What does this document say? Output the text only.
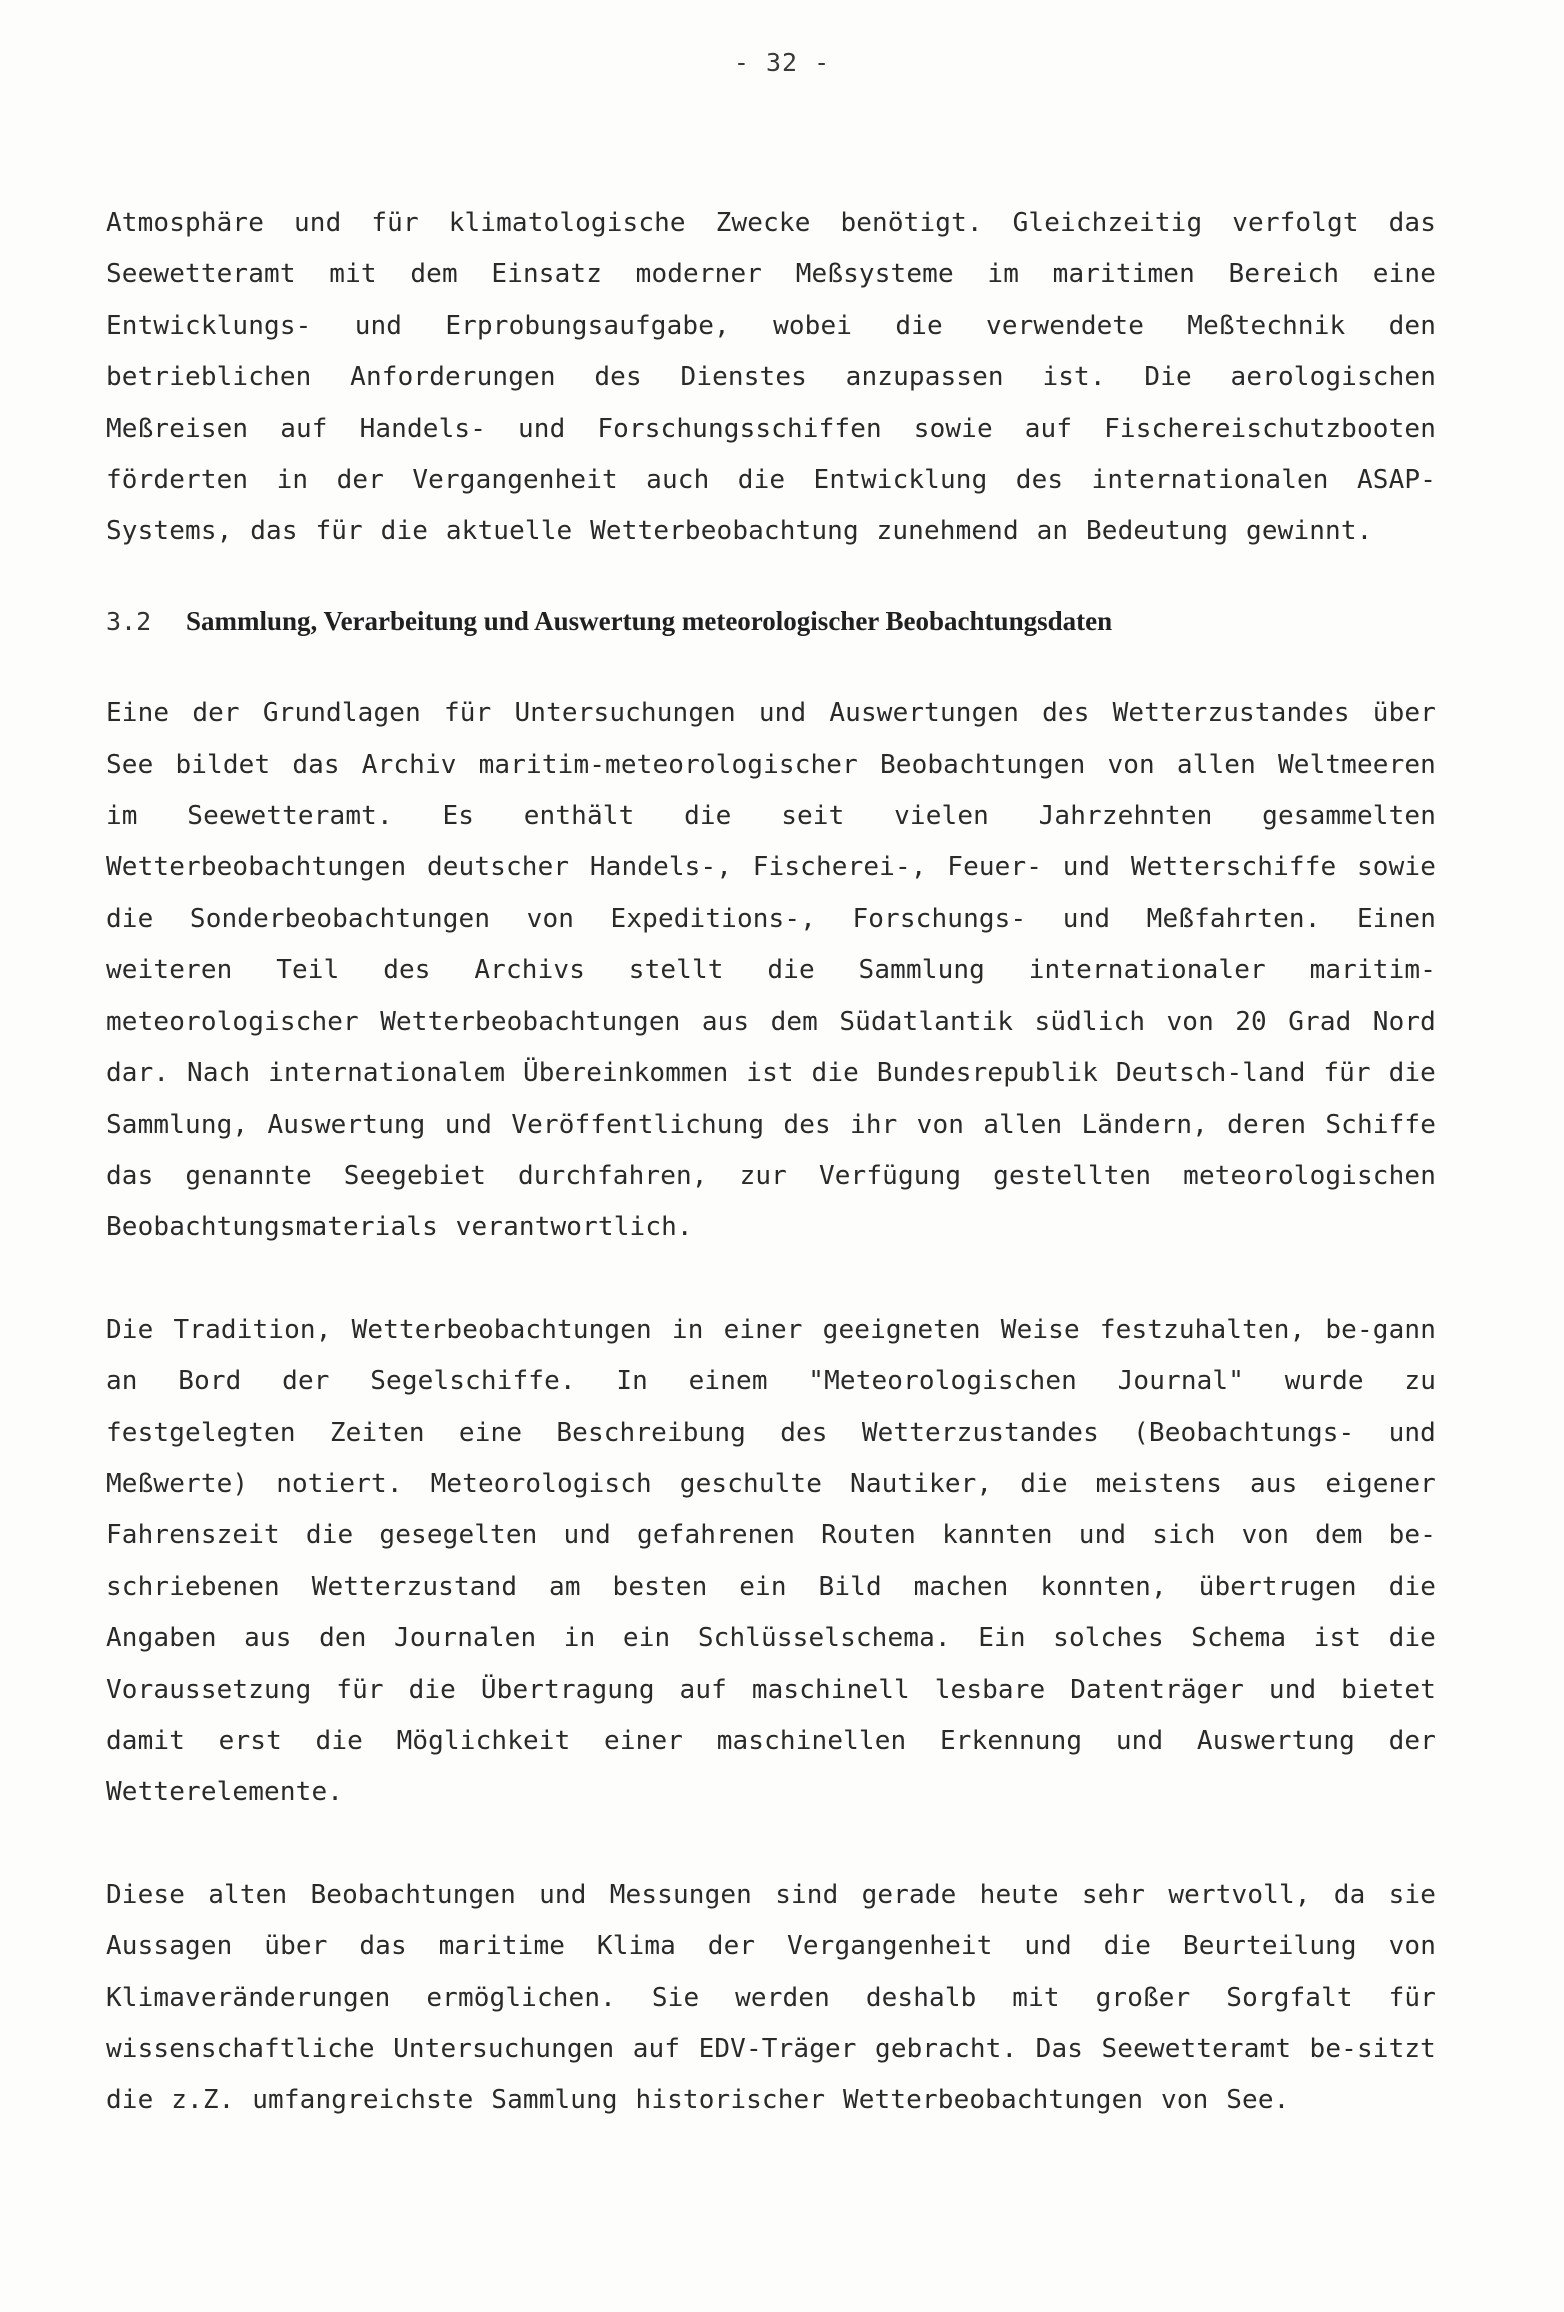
- 32 -

Atmosphäre und für klimatologische Zwecke benötigt. Gleichzeitig verfolgt das Seewetteramt mit dem Einsatz moderner Meßsysteme im maritimen Bereich eine Entwicklungs- und Erprobungsaufgabe, wobei die verwendete Meßtechnik den betrieblichen Anforderungen des Dienstes anzupassen ist. Die aerologischen Meßreisen auf Handels- und Forschungsschiffen sowie auf Fischereischutzbooten förderten in der Vergangenheit auch die Entwicklung des internationalen ASAP-Systems, das für die aktuelle Wetterbeobachtung zunehmend an Bedeutung gewinnt.

3.2 Sammlung, Verarbeitung und Auswertung meteorologischer Beobachtungsdaten

Eine der Grundlagen für Untersuchungen und Auswertungen des Wetterzustandes über See bildet das Archiv maritim-meteorologischer Beobachtungen von allen Weltmeeren im Seewetteramt. Es enthält die seit vielen Jahrzehnten gesammelten Wetterbeobachtungen deutscher Handels-, Fischerei-, Feuer- und Wetterschiffe sowie die Sonderbeobachtungen von Expeditions-, Forschungs- und Meßfahrten. Einen weiteren Teil des Archivs stellt die Sammlung internationaler maritim-meteorologischer Wetterbeobachtungen aus dem Südatlantik südlich von 20 Grad Nord dar. Nach internationalem Übereinkommen ist die Bundesrepublik Deutsch-land für die Sammlung, Auswertung und Veröffentlichung des ihr von allen Ländern, deren Schiffe das genannte Seegebiet durchfahren, zur Verfügung gestellten meteorologischen Beobachtungsmaterials verantwortlich.

Die Tradition, Wetterbeobachtungen in einer geeigneten Weise festzuhalten, be-gann an Bord der Segelschiffe. In einem "Meteorologischen Journal" wurde zu festgelegten Zeiten eine Beschreibung des Wetterzustandes (Beobachtungs- und Meßwerte) notiert. Meteorologisch geschulte Nautiker, die meistens aus eigener Fahrenszeit die gesegelten und gefahrenen Routen kannten und sich von dem be-schriebenen Wetterzustand am besten ein Bild machen konnten, übertrugen die Angaben aus den Journalen in ein Schlüsselschema. Ein solches Schema ist die Voraussetzung für die Übertragung auf maschinell lesbare Datenträger und bietet damit erst die Möglichkeit einer maschinellen Erkennung und Auswertung der Wetterelemente.

Diese alten Beobachtungen und Messungen sind gerade heute sehr wertvoll, da sie Aussagen über das maritime Klima der Vergangenheit und die Beurteilung von Klimaveränderungen ermöglichen. Sie werden deshalb mit großer Sorgfalt für wissenschaftliche Untersuchungen auf EDV-Träger gebracht. Das Seewetteramt be-sitzt die z.Z. umfangreichste Sammlung historischer Wetterbeobachtungen von See.
